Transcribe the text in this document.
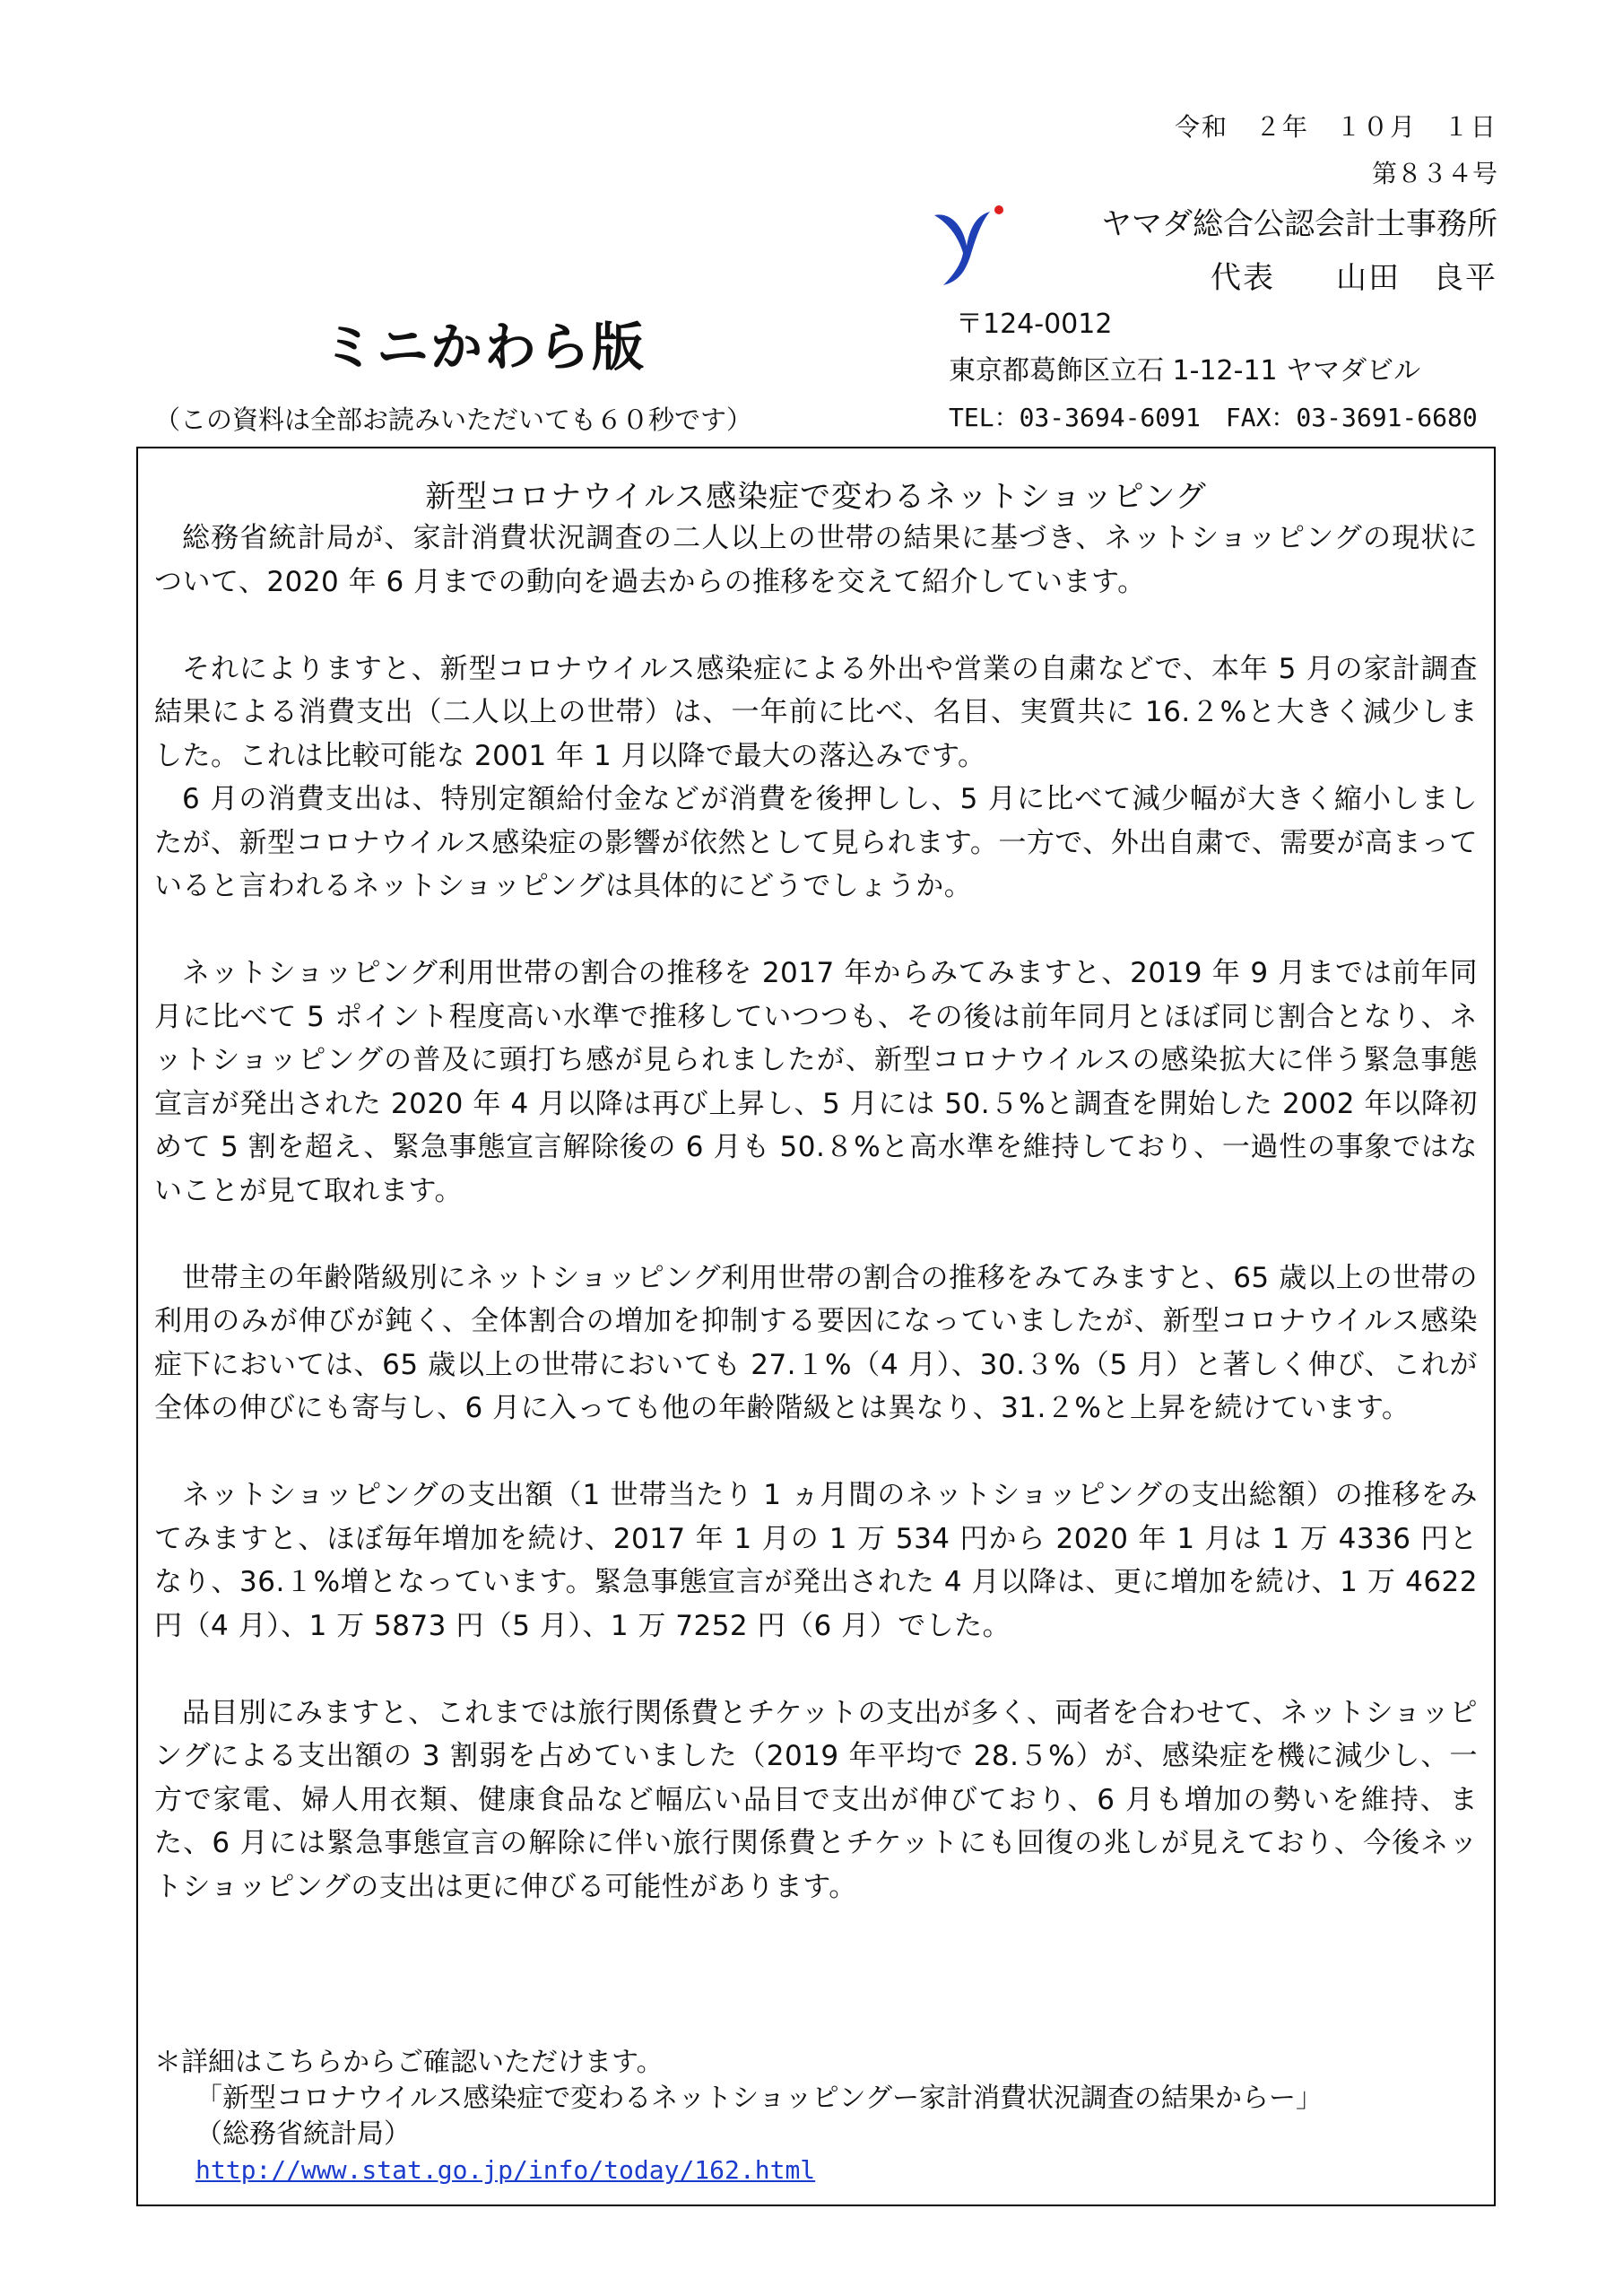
令和　２年　１０月　１日
第８３４号
ヤマダ総合公認会計士事務所
代表 山田　良平
ミニかわら版
（この資料は全部お読みいただいても６０秒です）
〒124-0012
東京都葛飾区立石 1-12-11 ヤマダビル
TEL：03-3694-6091　FAX：03-3691-6680
新型コロナウイルス感染症で変わるネットショッピング

総務省統計局が、家計消費状況調査の二人以上の世帯の結果に基づき、ネットショッピングの現状について、2020 年 6 月までの動向を過去からの推移を交えて紹介しています。

それによりますと、新型コロナウイルス感染症による外出や営業の自粛などで、本年 5 月の家計調査結果による消費支出（二人以上の世帯）は、一年前に比べ、名目、実質共に 16.２%と大きく減少しました。これは比較可能な 2001 年 1 月以降で最大の落込みです。

6 月の消費支出は、特別定額給付金などが消費を後押しし、5 月に比べて減少幅が大きく縮小しましたが、新型コロナウイルス感染症の影響が依然として見られます。一方で、外出自粛で、需要が高まっていると言われるネットショッピングは具体的にどうでしょうか。

ネットショッピング利用世帯の割合の推移を 2017 年からみてみますと、2019 年 9 月までは前年同月に比べて 5 ポイント程度高い水準で推移していつつも、その後は前年同月とほぼ同じ割合となり、ネットショッピングの普及に頭打ち感が見られましたが、新型コロナウイルスの感染拡大に伴う緊急事態宣言が発出された 2020 年 4 月以降は再び上昇し、5 月には 50.５%と調査を開始した 2002 年以降初めて 5 割を超え、緊急事態宣言解除後の 6 月も 50.８%と高水準を維持しており、一過性の事象ではないことが見て取れます。

世帯主の年齢階級別にネットショッピング利用世帯の割合の推移をみてみますと、65 歳以上の世帯の利用のみが伸びが鈍く、全体割合の増加を抑制する要因になっていましたが、新型コロナウイルス感染症下においては、65 歳以上の世帯においても 27.１%（4 月）、30.３%（5 月）と著しく伸び、これが全体の伸びにも寄与し、6 月に入っても他の年齢階級とは異なり、31.２%と上昇を続けています。

ネットショッピングの支出額（1 世帯当たり 1 ヵ月間のネットショッピングの支出総額）の推移をみてみますと、ほぼ毎年増加を続け、2017 年 1 月の 1 万 534 円から 2020 年 1 月は 1 万 4336 円となり、36.１%増となっています。緊急事態宣言が発出された 4 月以降は、更に増加を続け、1 万 4622 円（4 月）、1 万 5873 円（5 月）、1 万 7252 円（6 月）でした。

品目別にみますと、これまでは旅行関係費とチケットの支出が多く、両者を合わせて、ネットショッピングによる支出額の 3 割弱を占めていました（2019 年平均で 28.５%）が、感染症を機に減少し、一方で家電、婦人用衣類、健康食品など幅広い品目で支出が伸びており、6 月も増加の勢いを維持、また、6 月には緊急事態宣言の解除に伴い旅行関係費とチケットにも回復の兆しが見えており、今後ネットショッピングの支出は更に伸びる可能性があります。

＊詳細はこちらからご確認いただけます。
「新型コロナウイルス感染症で変わるネットショッピングー家計消費状況調査の結果からー」
（総務省統計局）
http://www.stat.go.jp/info/today/162.html
